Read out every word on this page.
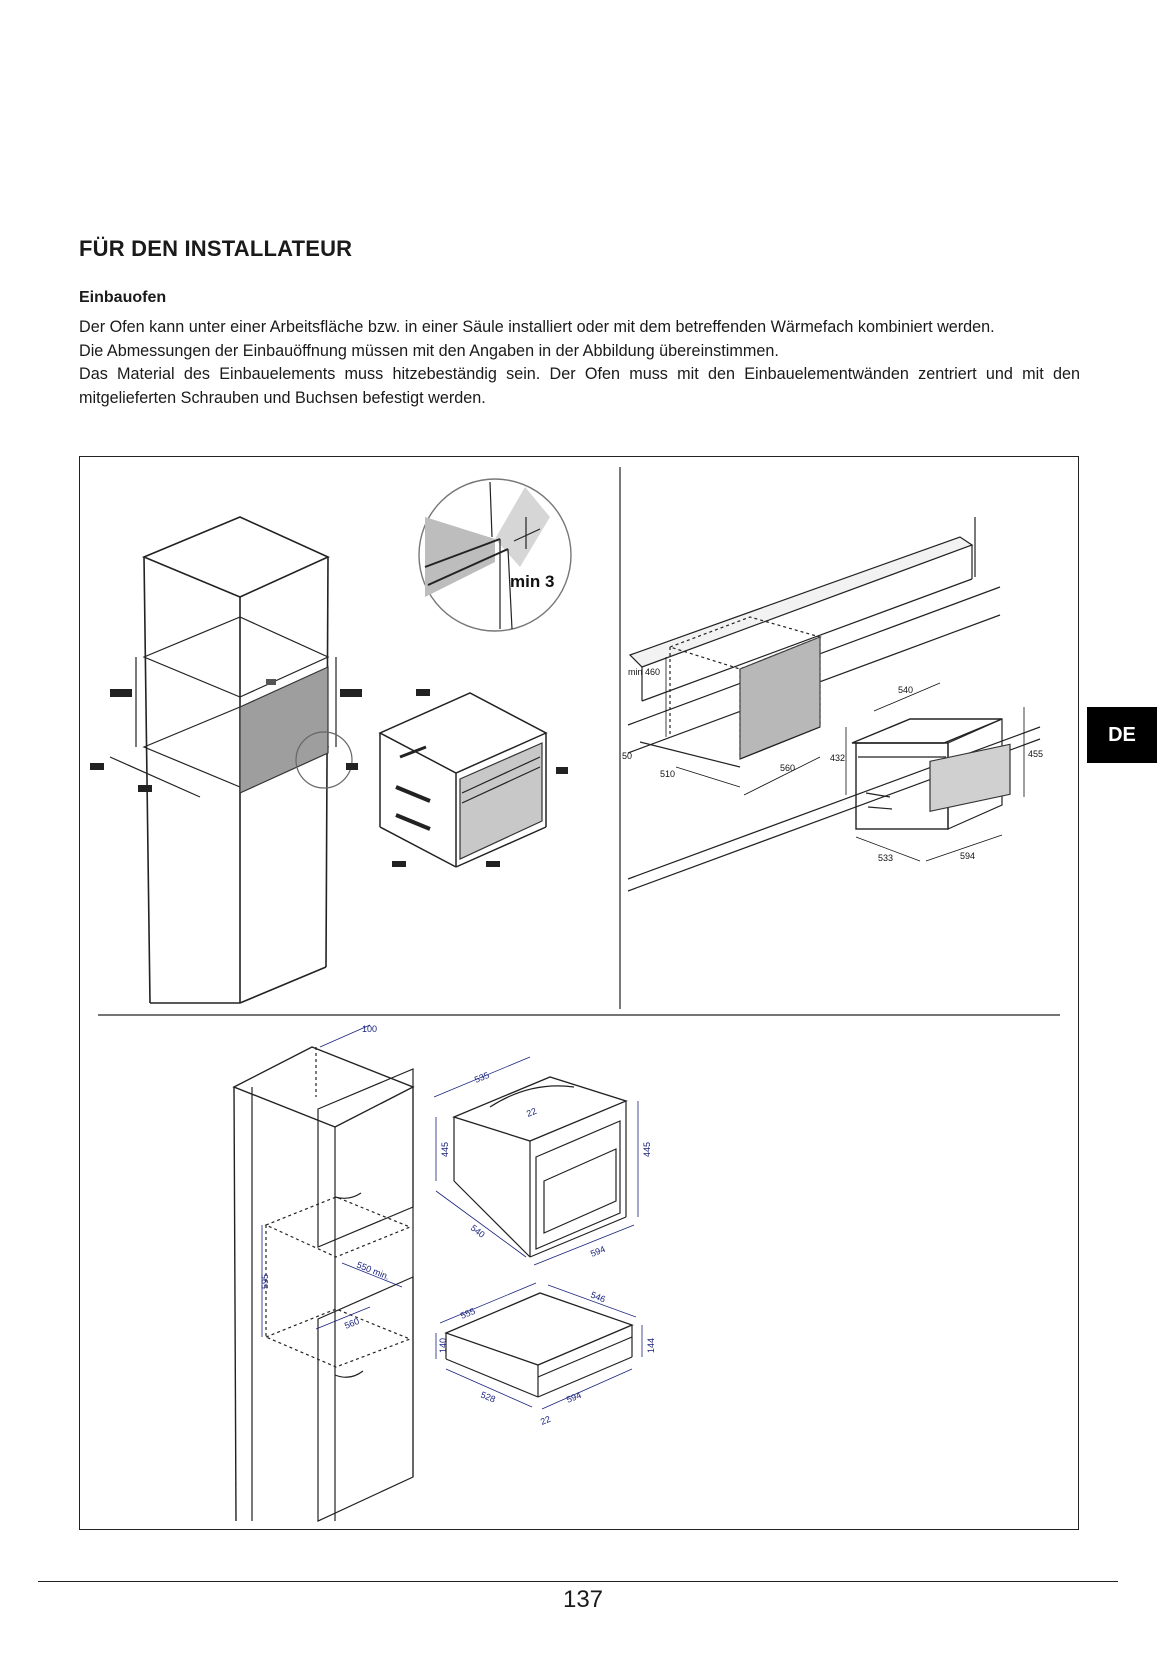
FÜR DEN INSTALLATEUR
Einbauofen

Der Ofen kann unter einer Arbeitsfläche bzw. in einer Säule installiert oder mit dem betreffenden Wärmefach kombiniert werden.

Die Abmessungen der Einbauöffnung müssen mit den Angaben in der Abbildung übereinstimmen.

Das Material des Einbauelements muss hitzebeständig sein. Der Ofen muss mit den Einbauelementwänden zentriert und mit den mitgelieferten Schrauben und Buchsen befestigt werden.

min 3
min 460
50
510
560
432
540
455
533	594
100
595	550 min.
560
535
22
445	445
540
594
555
546
140	144
528	594
22
DE
137
